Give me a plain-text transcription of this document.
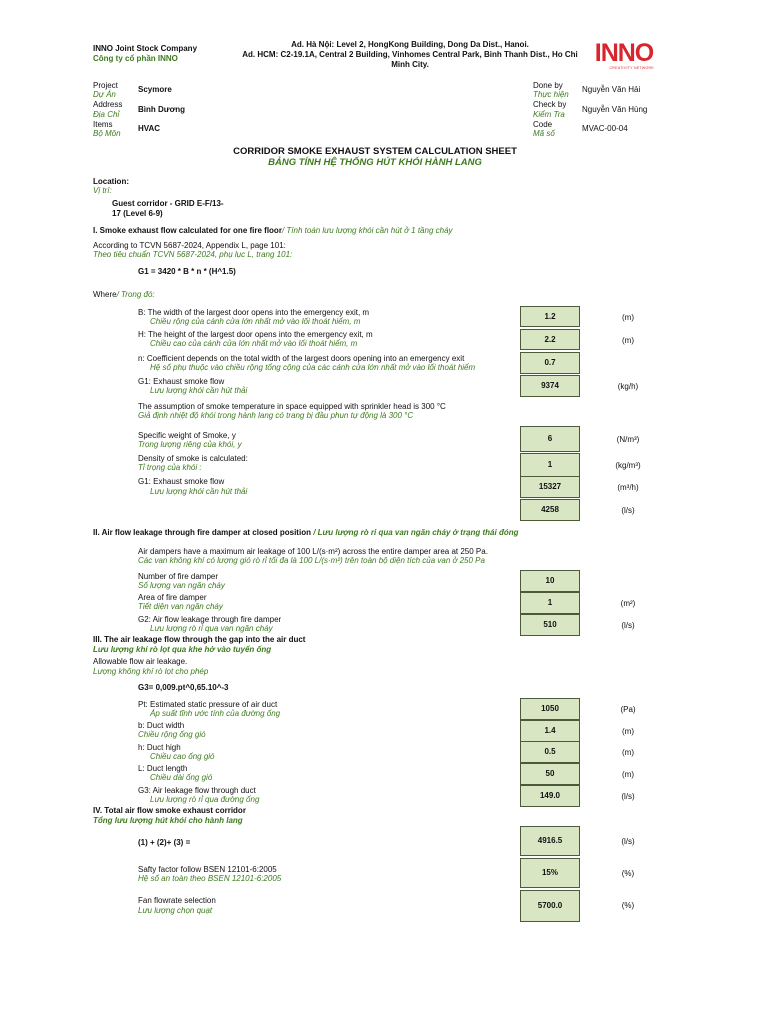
INNO Joint Stock Company
Công ty cổ phần INNO
Ad. Hà Nội: Level 2, HongKong Building, Dong Da Dist., Hanoi.
Ad. HCM: C2-19.1A, Central 2 Building, Vinhomes Central Park, Binh Thanh Dist., Ho Chi
Minh City.	INNO
CREATIVITY NETWORK
Project
Dự Án
Scymore
Address
Địa Chỉ
Bình Dương
Items
Bộ Môn
HVAC
Done by
Thực hiện
Nguyễn Văn Hải
Check by
Kiểm Tra
Nguyễn Văn Hùng
Code
Mã số
MVAC-00-04
CORRIDOR SMOKE EXHAUST SYSTEM CALCULATION SHEET
BẢNG TÍNH HỆ THỐNG HÚT KHÓI HÀNH LANG
Location:
Vị trí:
Guest corridor - GRID E-F/13-
17 (Level 6-9)
I. Smoke exhaust flow calculated for one fire floor/ Tính toán lưu lượng khói cần hút ở 1 tầng cháy
According to TCVN 5687-2024, Appendix L, page 101:
Theo tiêu chuẩn TCVN 5687-2024, phụ lục L, trang 101:
G1 = 3420 * B * n * (H^1.5)
Where/ Trong đó:
B: The width of the largest door opens into the emergency exit, m
Chiều rộng của cánh cửa lớn nhất mở vào lối thoát hiểm, m
1.2	(m)
H: The height of the largest door opens into the emergency exit, m
Chiều cao của cánh cửa lớn nhất mở vào lối thoát hiểm, m	2.2	(m)
n: Coefficient depends on the total width of the largest doors opening into an emergency exit
Hệ số phụ thuộc vào chiều rộng tổng cộng của các cánh cửa lớn nhất mở vào lối thoát hiểm
0.7
G1: Exhaust smoke flow
Lưu lượng khói cần hút thải
9374	(kg/h)
The assumption of smoke temperature in space equipped with sprinkler head is 300 °C
Giả định nhiệt độ khói trong hành lang có trang bị đầu phun tự động là 300 °C
Specific weight of Smoke, y
Trọng lượng riêng của khói, y
6	(N/m³)
Density of smoke is calculated:
Tỉ trọng của khói :	1	(kg/m³)
G1: Exhaust smoke flow
Lưu lượng khói cần hút thải
15327	(m³/h)
4258	(l/s)
II. Air flow leakage through fire damper at closed position / Lưu lượng rò rỉ qua van ngăn cháy ở trạng thái đóng
Air dampers have a maximum air leakage of 100 L/(s·m²) across the entire damper area at 250 Pa.
Các van không khí có lượng gió rò rỉ tối đa là 100 L/(s·m²) trên toàn bộ diện tích của van ở 250 Pa
Number of fire damper
Số lượng van ngăn cháy
10
Area of fire damper
Tiết diện van ngăn cháy	1	(m²)
G2: Air flow leakage through fire damper
Lưu lượng rò rỉ qua van ngăn cháy	510	(l/s)
III. The air leakage flow through the gap into the air duct
Lưu lượng khí rò lọt qua khe hở vào tuyến ống
Allowable flow air leakage.
Lượng không khí rò lọt cho phép
G3= 0,009.pt^0,65.10^-3
Pt: Estimated static pressure of air duct
Áp suất tĩnh ước tính của đường ống
1050	(Pa)
b: Duct width
Chiều rộng ống gió	1.4	(m)
h: Duct high
Chiều cao ống gió
0.5	(m)
L: Duct length
Chiều dài ống gió	50	(m)
G3: Air leakage flow through duct
Lưu lượng rò rỉ qua đường ống	149.0	(l/s)
IV. Total air flow smoke exhaust corridor
Tổng lưu lượng hút khói cho hành lang
(1) + (2)+ (3) =	4916.5	(l/s)
Safty factor follow BSEN 12101-6:2005
Hệ số an toàn theo BSEN 12101-6:2005
15%	(%)
Fan flowrate selection
Lưu lượng chọn quạt
5700.0	(%)
